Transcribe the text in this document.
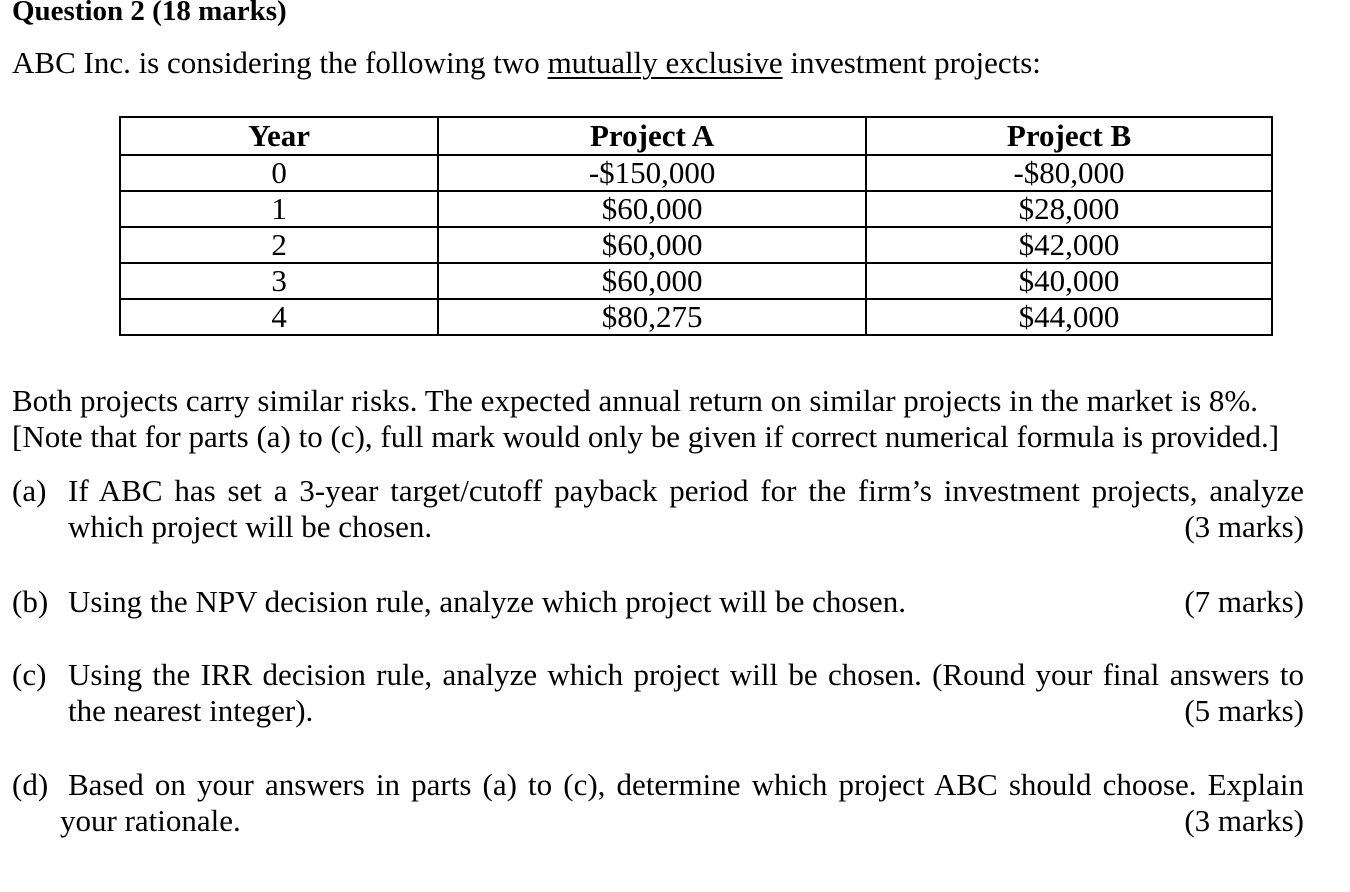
Question 2 (18 marks)
ABC Inc. is considering the following two mutually exclusive investment projects:
Year	Project A	Project B
0	-$150,000	-$80,000
1	$60,000	$28,000
2	$60,000	$42,000
3	$60,000	$40,000
4	$80,275	$44,000
Both projects carry similar risks. The expected annual return on similar projects in the market is 8%.
[Note that for parts (a) to (c), full mark would only be given if correct numerical formula is provided.]
(a) If ABC has set a 3-year target/cutoff payback period for the firm’s investment projects, analyze
which project will be chosen.	(3 marks)
(b) Using the NPV decision rule, analyze which project will be chosen.	(7 marks)
(c) Using the IRR decision rule, analyze which project will be chosen. (Round your final answers to
the nearest integer).	(5 marks)
(d) Based on your answers in parts (a) to (c), determine which project ABC should choose. Explain
your rationale.	(3 marks)
